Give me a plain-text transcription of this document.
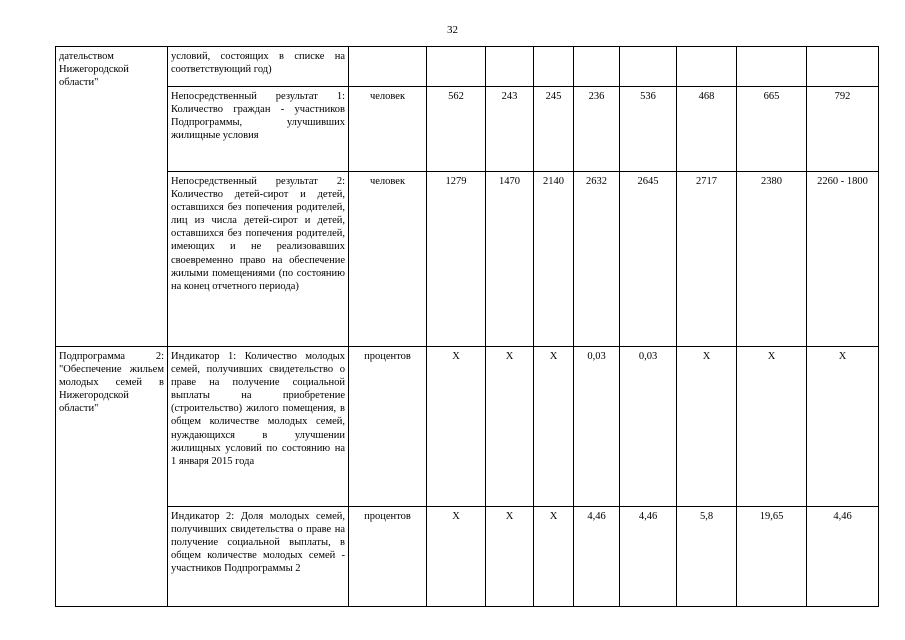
32
дательством Нижегородской области"	условий, состоящих в списке на соответствующий год)									
	Непосредственный результат 1: Количество граждан - участников Подпрограммы, улучшивших жилищные условия	человек	562	243	245	236	536	468	665	792
	Непосредственный результат 2: Количество детей-сирот и детей, оставшихся без попечения родителей, лиц из числа детей-сирот и детей, оставшихся без попечения родителей, имеющих и не реализовавших своевременно право на обеспечение жилыми помещениями (по состоянию на конец отчетного периода)	человек	1279	1470	2140	2632	2645	2717	2380	2260 - 1800
Подпрограмма 2: "Обеспечение жильем молодых семей в Нижегородской области"	Индикатор 1: Количество молодых семей, получивших свидетельство о праве на получение социальной выплаты на приобретение (строительство) жилого помещения, в общем количестве молодых семей, нуждающихся в улучшении жилищных условий по состоянию на 1 января 2015 года	процентов	X	X	X	0,03	0,03	X	X	X
	Индикатор 2: Доля молодых семей, получивших свидетельства о праве на получение социальной выплаты, в общем количестве молодых семей - участников Подпрограммы 2	процентов	X	X	X	4,46	4,46	5,8	19,65	4,46
